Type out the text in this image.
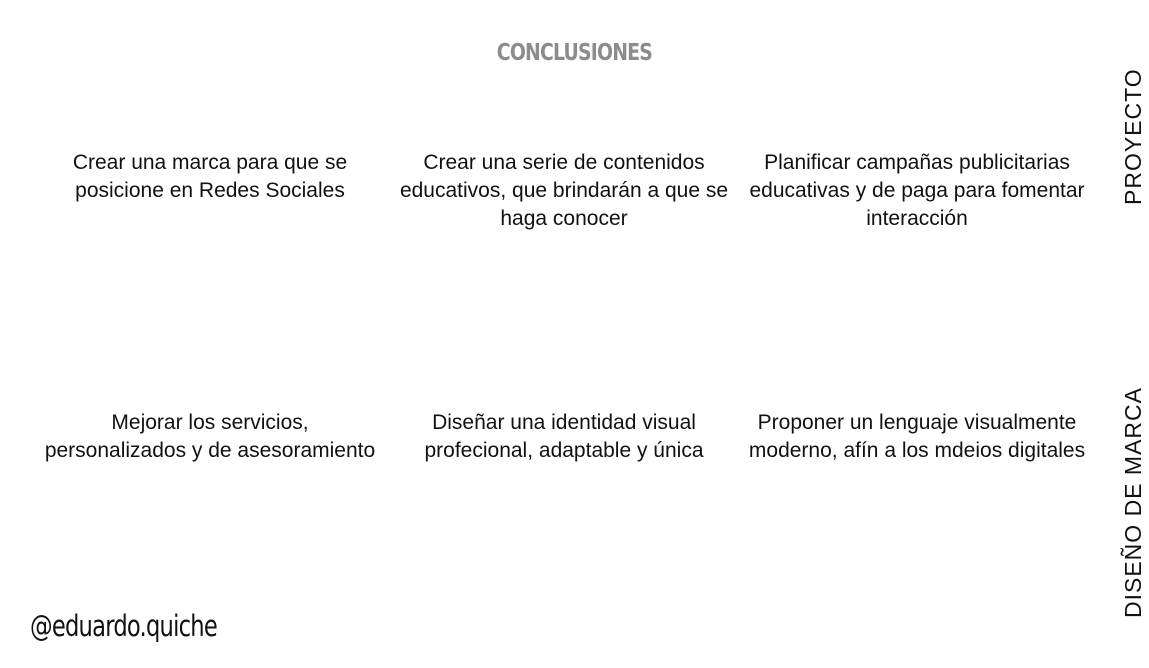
CONCLUSIONES
Crear una marca para que se posicione en Redes Sociales
Crear una serie de contenidos educativos, que brindarán a que se haga conocer
Planificar campañas publicitarias educativas y de paga para fomentar interacción
Mejorar los servicios, personalizados y de asesoramiento
Diseñar una identidad visual profecional, adaptable y única
Proponer un lenguaje visualmente moderno, afín a los mdeios digitales
PROYECTO
DISEÑO DE MARCA
@eduardo.quiche
